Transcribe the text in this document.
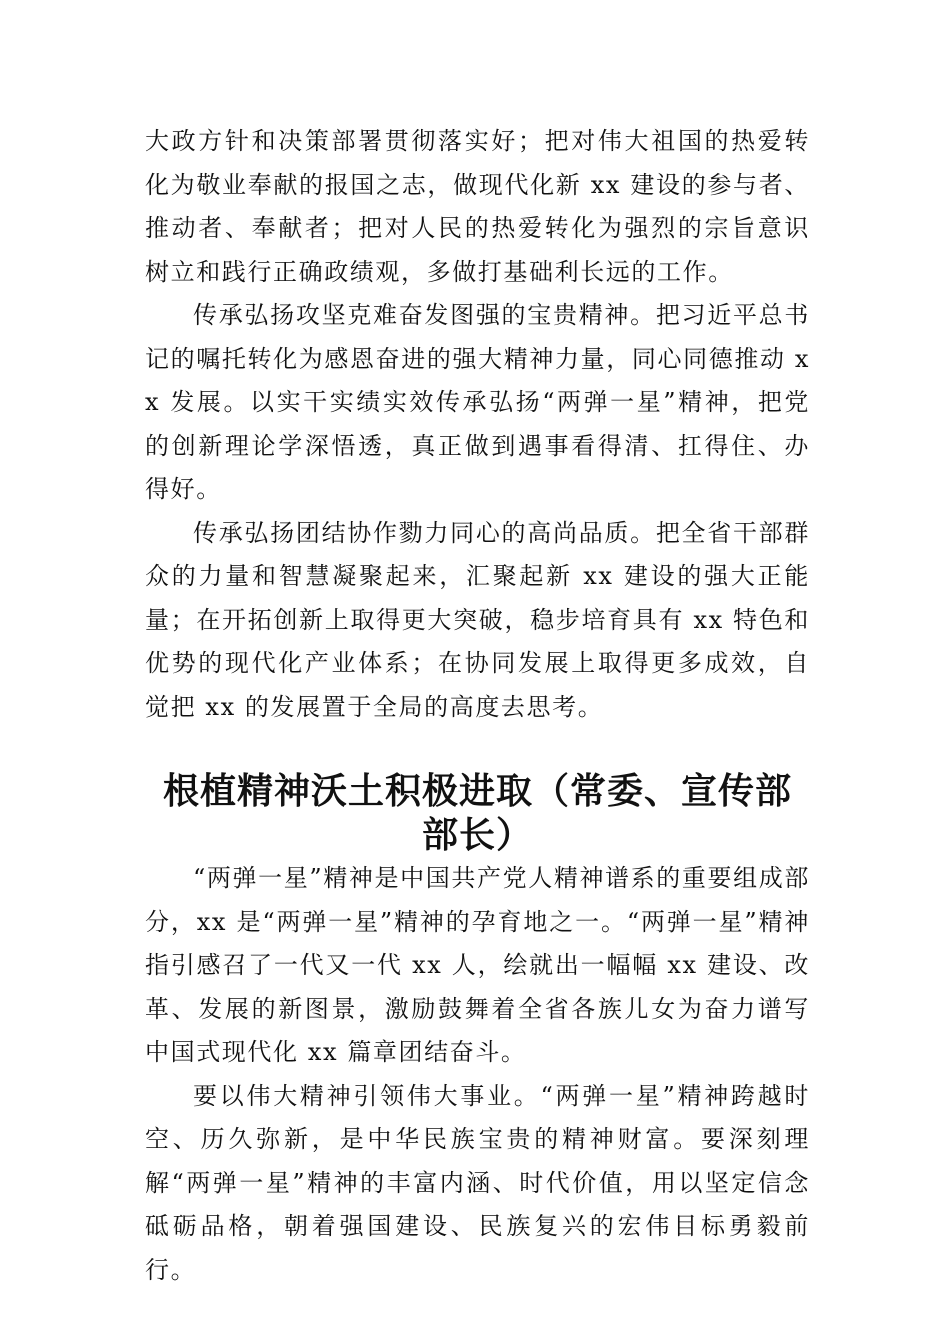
大政方针和决策部署贯彻落实好；把对伟大祖国的热爱转化为敬业奉献的报国之志，做现代化新 xx 建设的参与者、推动者、奉献者；把对人民的热爱转化为强烈的宗旨意识树立和践行正确政绩观，多做打基础利长远的工作。

传承弘扬攻坚克难奋发图强的宝贵精神。把习近平总书记的嘱托转化为感恩奋进的强大精神力量，同心同德推动 xx 发展。以实干实绩实效传承弘扬“两弹一星”精神，把党的创新理论学深悟透，真正做到遇事看得清、扛得住、办得好。

传承弘扬团结协作勠力同心的高尚品质。把全省干部群众的力量和智慧凝聚起来，汇聚起新 xx 建设的强大正能量；在开拓创新上取得更大突破，稳步培育具有 xx 特色和优势的现代化产业体系；在协同发展上取得更多成效，自觉把 xx 的发展置于全局的高度去思考。

根植精神沃土积极进取（常委、宣传部部长）

“两弹一星”精神是中国共产党人精神谱系的重要组成部分，xx 是“两弹一星”精神的孕育地之一。“两弹一星”精神指引感召了一代又一代 xx 人，绘就出一幅幅 xx 建设、改革、发展的新图景，激励鼓舞着全省各族儿女为奋力谱写中国式现代化 xx 篇章团结奋斗。

要以伟大精神引领伟大事业。“两弹一星”精神跨越时空、历久弥新，是中华民族宝贵的精神财富。要深刻理解“两弹一星”精神的丰富内涵、时代价值，用以坚定信念砥砺品格，朝着强国建设、民族复兴的宏伟目标勇毅前行。
